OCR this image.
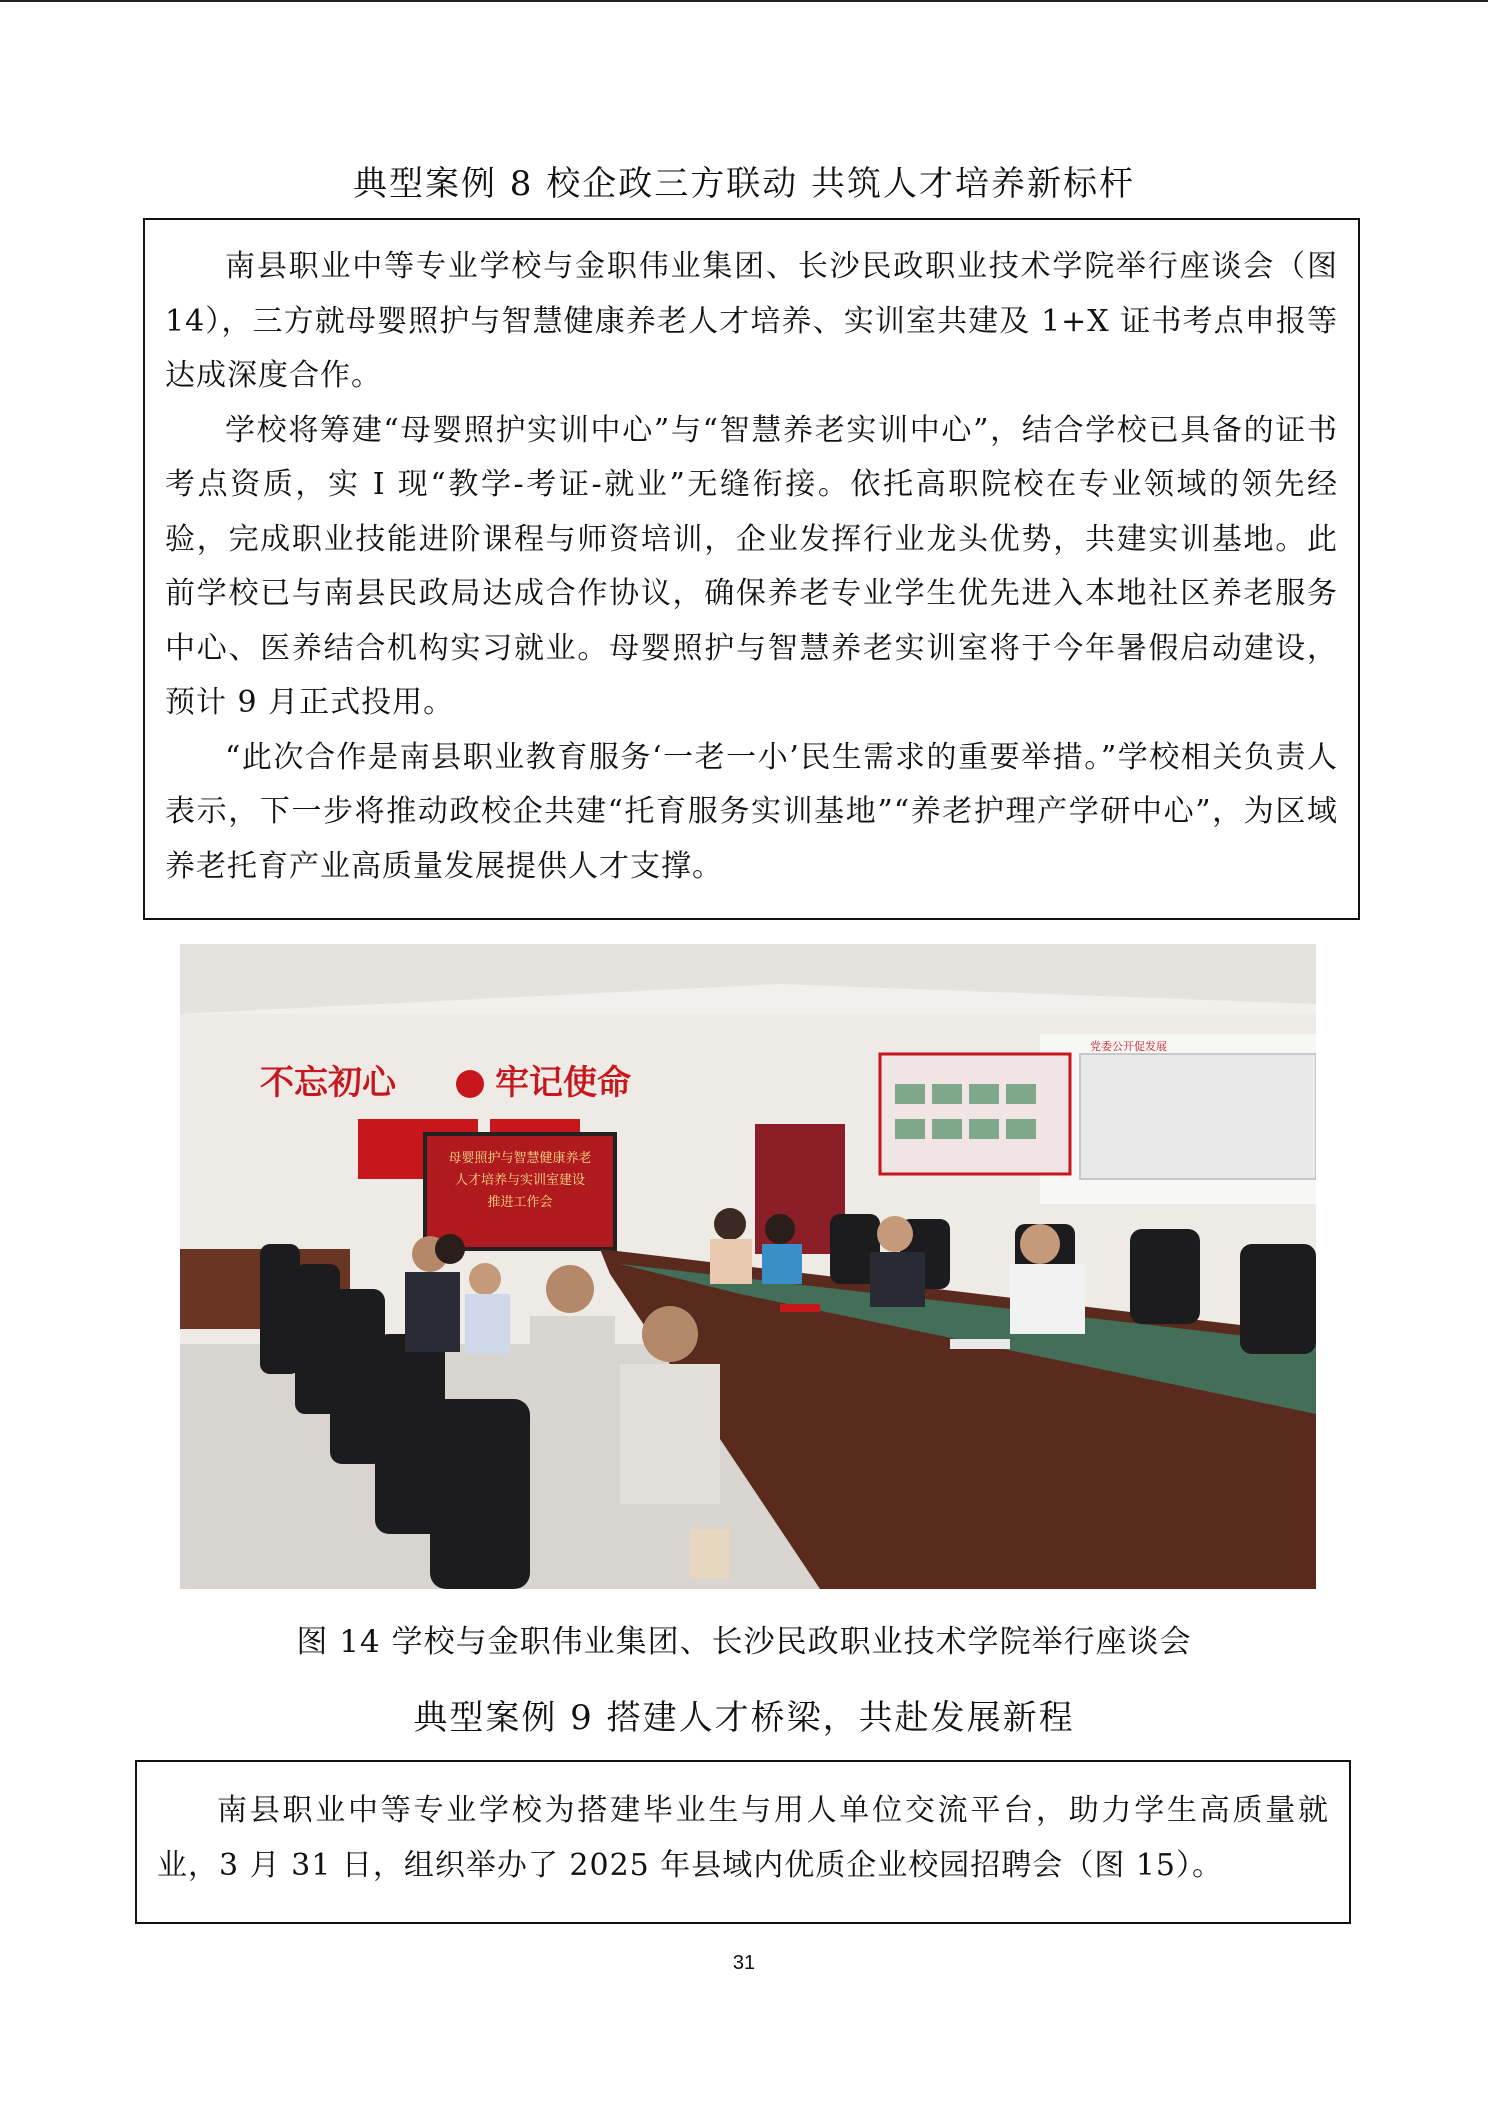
典型案例 8 校企政三方联动 共筑人才培养新标杆

南县职业中等专业学校与金职伟业集团、长沙民政职业技术学院举行座谈会（图 14），三方就母婴照护与智慧健康养老人才培养、实训室共建及 1+X 证书考点申报等达成深度合作。

学校将筹建“母婴照护实训中心”与“智慧养老实训中心”，结合学校已具备的证书考点资质，实 I 现“教学-考证-就业”无缝衔接。依托高职院校在专业领域的领先经验，完成职业技能进阶课程与师资培训，企业发挥行业龙头优势，共建实训基地。此前学校已与南县民政局达成合作协议，确保养老专业学生优先进入本地社区养老服务中心、医养结合机构实习就业。母婴照护与智慧养老实训室将于今年暑假启动建设，预计 9 月正式投用。

“此次合作是南县职业教育服务‘一老一小’民生需求的重要举措。”学校相关负责人表示，下一步将推动政校企共建“托育服务实训基地”“养老护理产学研中心”，为区域养老托育产业高质量发展提供人才支撑。

不忘初心	牢记使命
母婴照护与智慧健康养老
人才培养与实训室建设
推进工作会
党委公开促发展
图 14 学校与金职伟业集团、长沙民政职业技术学院举行座谈会
典型案例 9 搭建人才桥梁，共赴发展新程

南县职业中等专业学校为搭建毕业生与用人单位交流平台，助力学生高质量就业，3 月 31 日，组织举办了 2025 年县域内优质企业校园招聘会（图 15）。

31
